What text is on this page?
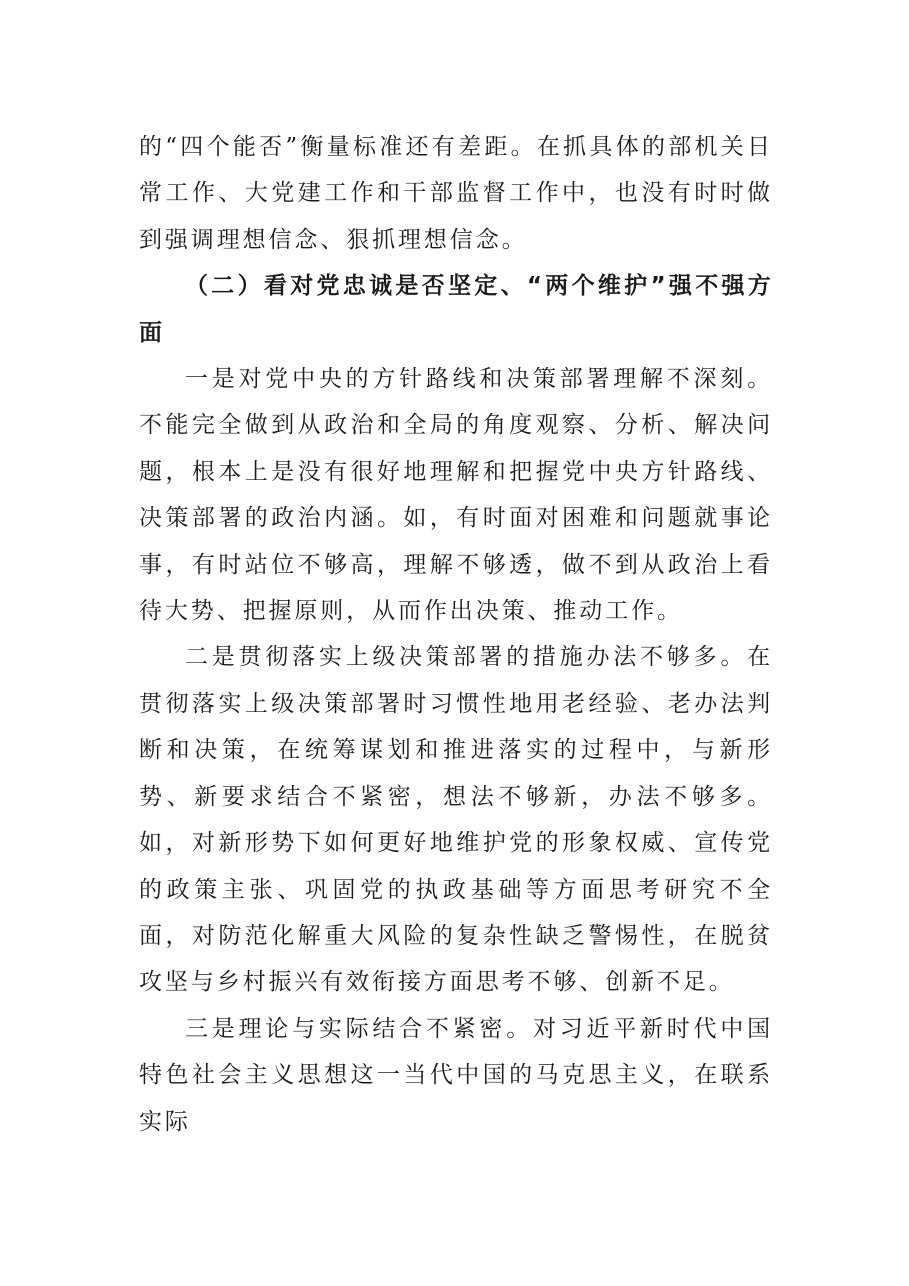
的“四个能否”衡量标准还有差距。在抓具体的部机关日常工作、大党建工作和干部监督工作中，也没有时时做到强调理想信念、狠抓理想信念。

（二）看对党忠诚是否坚定、“两个维护”强不强方面

一是对党中央的方针路线和决策部署理解不深刻。不能完全做到从政治和全局的角度观察、分析、解决问题，根本上是没有很好地理解和把握党中央方针路线、决策部署的政治内涵。如，有时面对困难和问题就事论事，有时站位不够高，理解不够透，做不到从政治上看待大势、把握原则，从而作出决策、推动工作。

二是贯彻落实上级决策部署的措施办法不够多。在贯彻落实上级决策部署时习惯性地用老经验、老办法判断和决策，在统筹谋划和推进落实的过程中，与新形势、新要求结合不紧密，想法不够新，办法不够多。如，对新形势下如何更好地维护党的形象权威、宣传党的政策主张、巩固党的执政基础等方面思考研究不全面，对防范化解重大风险的复杂性缺乏警惕性，在脱贫攻坚与乡村振兴有效衔接方面思考不够、创新不足。

三是理论与实际结合不紧密。对习近平新时代中国特色社会主义思想这一当代中国的马克思主义，在联系实际
